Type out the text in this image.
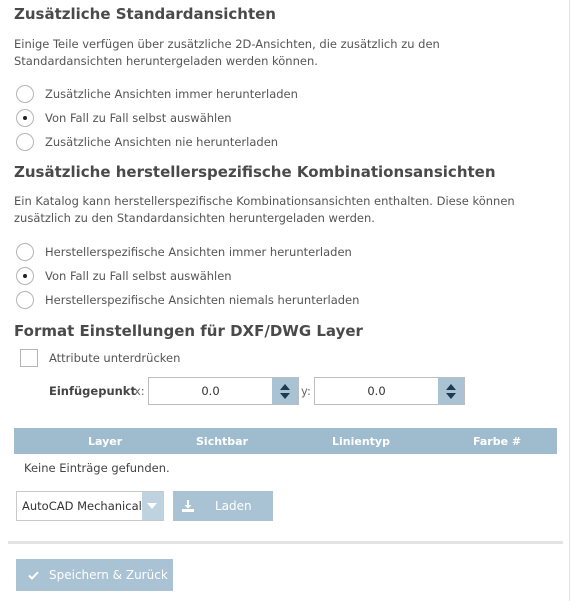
Zusätzliche Standardansichten

Einige Teile verfügen über zusätzliche 2D-Ansichten, die zusätzlich zu den Standardansichten heruntergeladen werden können.

Zusätzliche Ansichten immer herunterladen
Von Fall zu Fall selbst auswählen
Zusätzliche Ansichten nie herunterladen
Zusätzliche herstellerspezifische Kombinationsansichten

Ein Katalog kann herstellerspezifische Kombinationsansichten enthalten. Diese können zusätzlich zu den Standardansichten heruntergeladen werden.

Herstellerspezifische Ansichten immer herunterladen
Von Fall zu Fall selbst auswählen
Herstellerspezifische Ansichten niemals herunterladen
Format Einstellungen für DXF/DWG Layer
Attribute unterdrücken
Einfügepunkt
x:	0.0	y:	0.0
Layer	Sichtbar	Linientyp	Farbe #
Keine Einträge gefunden.
AutoCAD Mechanical	Laden
Speichern & Zurück
